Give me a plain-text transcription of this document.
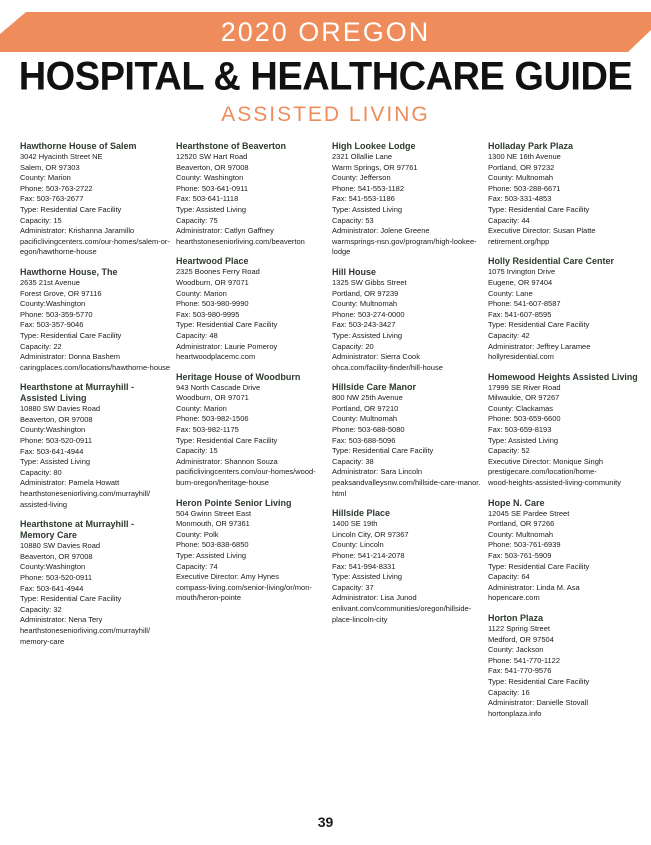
2020 OREGON
HOSPITAL & HEALTHCARE GUIDE
ASSISTED LIVING
Hawthorne House of Salem
3042 Hyacinth Street NE
Salem, OR 97303
County: Marion
Phone: 503-763-2722
Fax: 503-763-2677
Type: Residential Care Facility
Capacity: 15
Administrator: Krishanna Jaramillo
pacificlivingcenters.com/our-homes/salem-or-
egon/hawthorne-house
Hawthorne House, The
2635 21st Avenue
Forest Grove, OR 97116
County:Washington
Phone: 503-359-5770
Fax: 503-357-9046
Type: Residential Care Facility
Capacity: 22
Administrator: Donna Bashem
caringplaces.com/locations/hawthorne-house
Hearthstone at Murrayhill -
Assisted Living
10880 SW Davies Road
Beaverton, OR 97008
County:Washington
Phone: 503-520-0911
Fax: 503-641-4944
Type: Assisted Living
Capacity: 80
Administrator: Pamela Howatt
hearthstoneseniorliving.com/murrayhill/
assisted-living
Hearthstone at Murrayhill -
Memory Care
10880 SW Davies Road
Beaverton, OR 97008
County:Washington
Phone: 503-520-0911
Fax: 503-641-4944
Type: Residential Care Facility
Capacity: 32
Administrator: Nena Tery
hearthstoneseniorliving.com/murrayhill/
memory-care
Hearthstone of Beaverton
12520 SW Hart Road
Beaverton, OR 97008
County: Washington
Phone: 503-641-0911
Fax: 503-641-1118
Type: Assisted Living
Capacity: 75
Administrator: Catlyn Gaffney
hearthstoneseniorliving.com/beaverton
Heartwood Place
2325 Boones Ferry Road
Woodburn, OR 97071
County: Marion
Phone: 503-980-9990
Fax: 503-980-9995
Type: Residential Care Facility
Capacity: 48
Administrator: Laurie Pomeroy
heartwoodplacemc.com
Heritage House of Woodburn
943 North Cascade Drive
Woodburn, OR 97071
County: Marion
Phone: 503-982-1506
Fax: 503-982-1175
Type: Residential Care Facility
Capacity: 15
Administrator: Shannon Souza
pacificlivingcenters.com/our-homes/wood-
burn-oregon/heritage-house
Heron Pointe Senior Living
504 Gwinn Street East
Monmouth, OR 97361
County: Polk
Phone: 503-838-6850
Type: Assisted Living
Capacity: 74
Executive Director: Amy Hynes
compass-living.com/senior-living/or/mon-
mouth/heron-pointe
High Lookee Lodge
2321 Ollallie Lane
Warm Springs, OR 97761
County: Jefferson
Phone: 541-553-1182
Fax: 541-553-1186
Type: Assisted Living
Capacity: 53
Administrator: Jolene Greene
warmsprings-nsn.gov/program/high-lookee-
lodge
Hill House
1325 SW Gibbs Street
Portland, OR 97239
County: Multnomah
Phone: 503-274-0000
Fax: 503-243-3427
Type: Assisted Living
Capacity: 20
Administrator: Sierra Cook
ohca.com/facility-finder/hill-house
Hillside Care Manor
800 NW 25th Avenue
Portland, OR 97210
County: Multnomah
Phone: 503-688-5080
Fax: 503-688-5096
Type: Residential Care Facility
Capacity: 38
Administrator: Sara Lincoln
peaksandvalleysnw.com/hillside-care-manor.
html
Hillside Place
1400 SE 19th
Lincoln City, OR 97367
County: Lincoln
Phone: 541-214-2078
Fax: 541-994-8331
Type: Assisted Living
Capacity: 37
Administrator: Lisa Junod
enlivant.com/communities/oregon/hillside-
place-lincoln-city
Holladay Park Plaza
1300 NE 16th Avenue
Portland, OR 97232
County: Multnomah
Phone: 503-288-6671
Fax: 503-331-4853
Type: Residential Care Facility
Capacity: 44
Executive Director: Susan Platte
retirement.org/hpp
Holly Residential Care Center
1075 Irvington Drive
Eugene, OR 97404
County: Lane
Phone: 541-607-8587
Fax: 541-607-8595
Type: Residential Care Facility
Capacity: 42
Administrator: Jeffrey Laramee
hollyresidential.com
Homewood Heights Assisted Living
17999 SE River Road
Milwaukie, OR 97267
County: Clackamas
Phone: 503-659-6600
Fax: 503-659-8193
Type: Assisted Living
Capacity: 52
Executive Director: Monique Singh
prestigecare.com/location/home-
wood-heights-assisted-living-community
Hope N. Care
12045 SE Pardee Street
Portland, OR 97266
County: Multnomah
Phone: 503-761-6939
Fax: 503-761-5909
Type: Residential Care Facility
Capacity: 64
Administrator: Linda M. Asa
hopencare.com
Horton Plaza
1122 Spring Street
Medford, OR 97504
County: Jackson
Phone: 541-770-1122
Fax: 541-770-9576
Type: Residential Care Facility
Capacity: 16
Administrator: Danielle Stovall
hortonplaza.info
39
